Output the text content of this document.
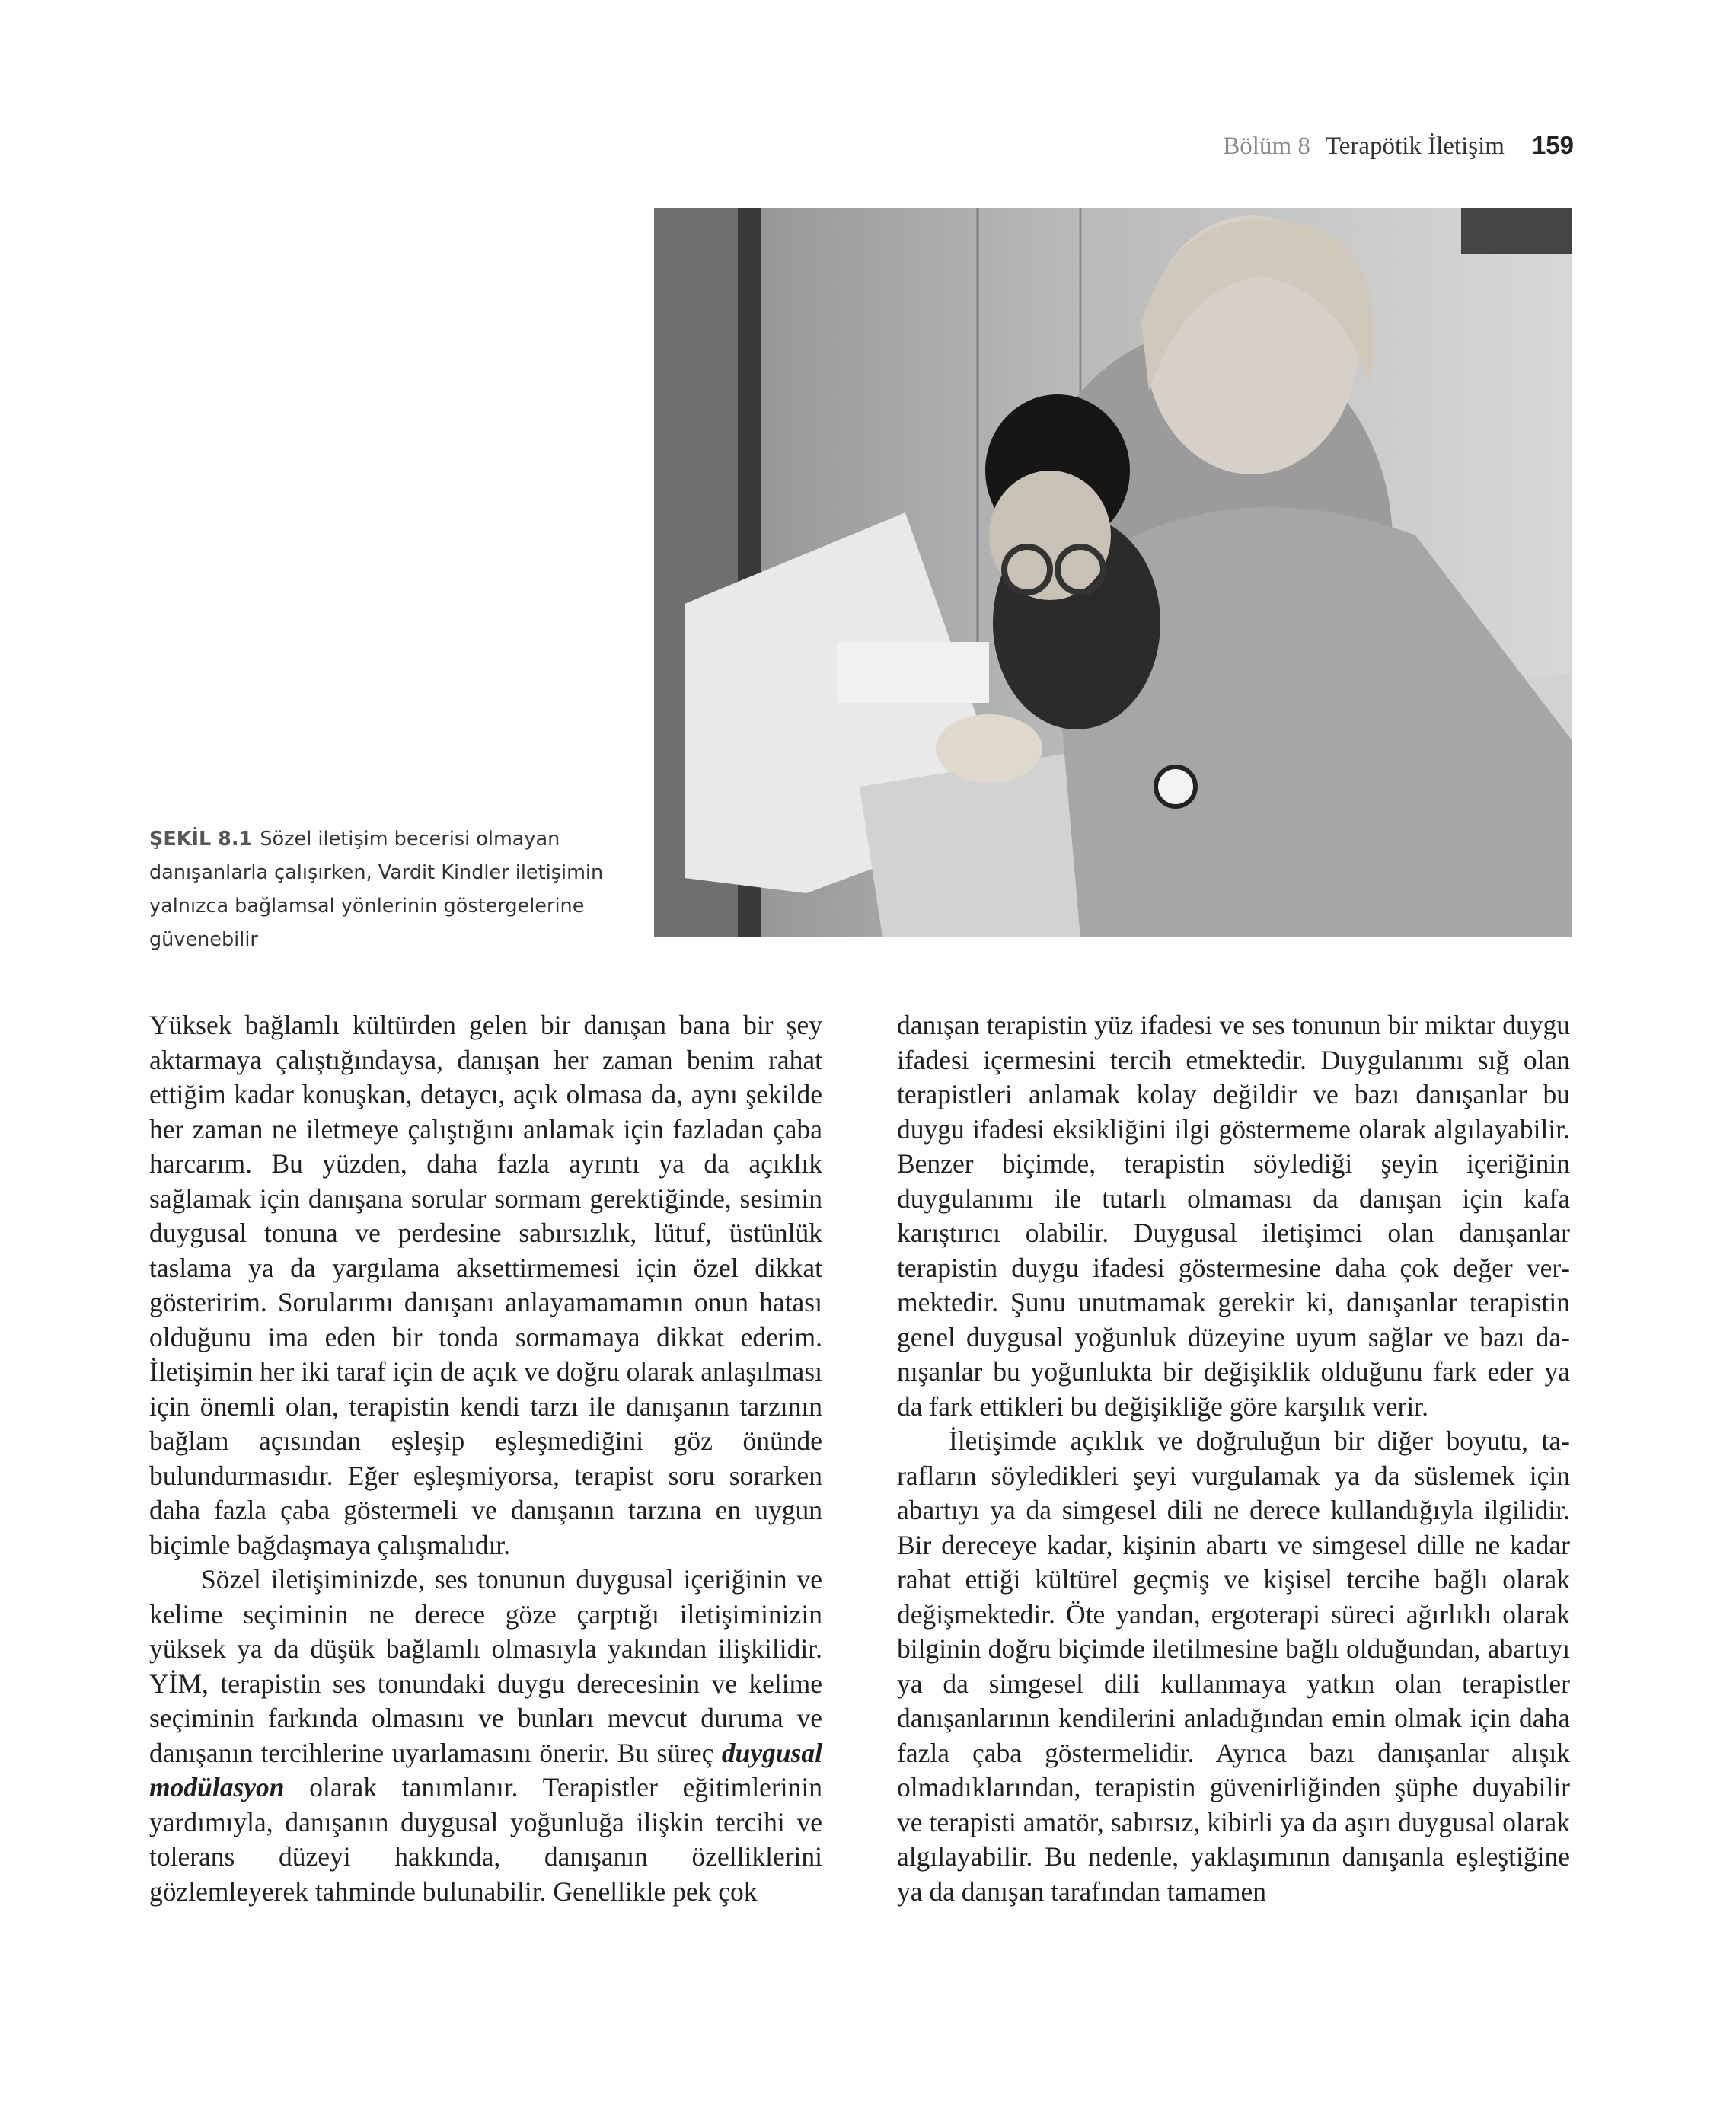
Bölüm 8 Terapötik İletişim 159
ŞEKİL 8.1 Sözel iletişim becerisi olmayan danışanlarla çalışırken, Vardit Kindler iletişimin yalnızca bağlamsal yönlerinin göstergelerine güvenebilir

Yüksek bağlamlı kültürden gelen bir danışan bana bir şey aktarmaya çalıştığındaysa, danışan her zaman benim rahat ettiğim kadar konuşkan, detaycı, açık olmasa da, aynı şekilde her zaman ne iletmeye çalıştığını anlamak için fazladan çaba harcarım. Bu yüzden, daha fazla ayrıntı ya da açıklık sağlamak için danışana sorular sormam gerektiğinde, sesimin duygusal tonuna ve perdesine sabırsızlık, lütuf, üstünlük taslama ya da yargılama aksettirmemesi için özel dikkat gösteririm. Sorularımı danışanı anlayamamamın onun hatası olduğunu ima eden bir tonda sormamaya dikkat ederim. İletişimin her iki taraf için de açık ve doğru olarak anlaşılması için önemli olan, terapistin kendi tarzı ile danışanın tarzının bağlam açısından eşleşip eşleşmediğini göz önünde bulundurmasıdır. Eğer eşleşmiyorsa, terapist soru sorarken daha fazla çaba göstermeli ve danışanın tarzına en uygun biçimle bağdaşmaya çalışmalıdır.

Sözel iletişiminizde, ses tonunun duygusal içeriğinin ve kelime seçiminin ne derece göze çarptığı iletişiminizin yüksek ya da düşük bağlamlı olmasıyla yakından ilişkilidir. YİM, terapistin ses tonundaki duygu derecesinin ve kelime seçiminin farkında olmasını ve bunları mevcut duruma ve danışanın tercihlerine uyarlamasını önerir. Bu süreç duygusal modülasyon olarak tanımlanır. Terapistler eğitimlerinin yardımıyla, danışanın duygusal yoğunluğa ilişkin tercihi ve tolerans düzeyi hakkında, danışanın özelliklerini gözlemleyerek tahminde bulunabilir. Genellikle pek çok

danışan terapistin yüz ifadesi ve ses tonunun bir miktar duygu ifadesi içermesini tercih etmektedir. Duygulanımı sığ olan terapistleri anlamak kolay değildir ve bazı danışanlar bu duygu ifadesi eksikliğini ilgi göstermeme olarak algılayabilir. Benzer biçimde, terapistin söylediği şeyin içeriğinin duygulanımı ile tutarlı olmaması da danışan için kafa karıştırıcı olabilir. Duygusal iletişimci olan danışanlar terapistin duygu ifadesi göstermesine daha çok değer vermektedir. Şunu unutmamak gerekir ki, danışanlar terapistin genel duygusal yoğunluk düzeyine uyum sağlar ve bazı danışanlar bu yoğunlukta bir değişiklik olduğunu fark eder ya da fark ettikleri bu değişikliğe göre karşılık verir.

İletişimde açıklık ve doğruluğun bir diğer boyutu, tarafların söyledikleri şeyi vurgulamak ya da süslemek için abartıyı ya da simgesel dili ne derece kullandığıyla ilgilidir. Bir dereceye kadar, kişinin abartı ve simgesel dille ne kadar rahat ettiği kültürel geçmiş ve kişisel tercihe bağlı olarak değişmektedir. Öte yandan, ergoterapi süreci ağırlıklı olarak bilginin doğru biçimde iletilmesine bağlı olduğundan, abartıyı ya da simgesel dili kullanmaya yatkın olan terapistler danışanlarının kendilerini anladığından emin olmak için daha fazla çaba göstermelidir. Ayrıca bazı danışanlar alışık olmadıklarından, terapistin güvenirliğinden şüphe duyabilir ve terapisti amatör, sabırsız, kibirli ya da aşırı duygusal olarak algılayabilir. Bu nedenle, yaklaşımının danışanla eşleştiğine ya da danışan tarafından tamamen
